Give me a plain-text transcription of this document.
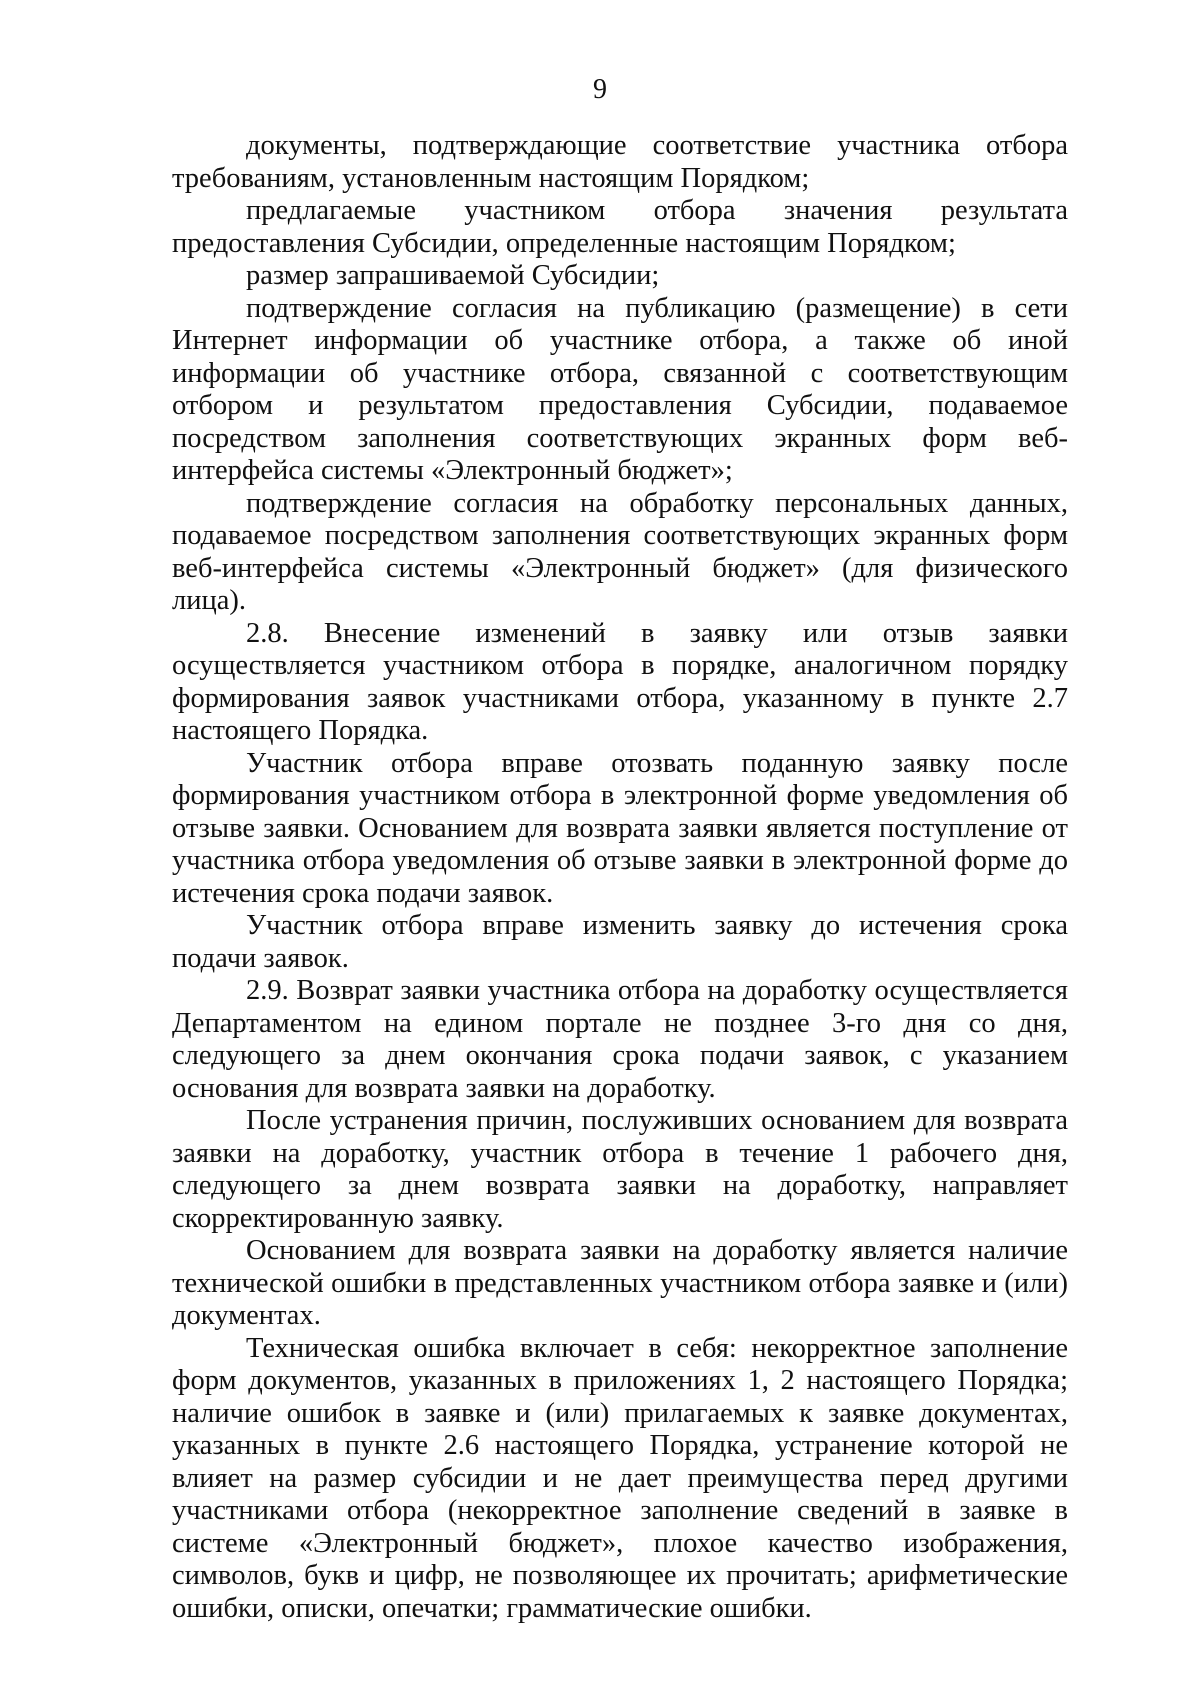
9

документы, подтверждающие соответствие участника отбора требованиям, установленным настоящим Порядком;

предлагаемые участником отбора значения результата предоставления Субсидии, определенные настоящим Порядком;

размер запрашиваемой Субсидии;

подтверждение согласия на публикацию (размещение) в сети Интернет информации об участнике отбора, а также об иной информации об участнике отбора, связанной с соответствующим отбором и результатом предоставления Субсидии, подаваемое посредством заполнения соответствующих экранных форм веб-интерфейса системы «Электронный бюджет»;

подтверждение согласия на обработку персональных данных, подаваемое посредством заполнения соответствующих экранных форм веб-интерфейса системы «Электронный бюджет» (для физического лица).

2.8. Внесение изменений в заявку или отзыв заявки осуществляется участником отбора в порядке, аналогичном порядку формирования заявок участниками отбора, указанному в пункте 2.7 настоящего Порядка.

Участник отбора вправе отозвать поданную заявку после формирования участником отбора в электронной форме уведомления об отзыве заявки. Основанием для возврата заявки является поступление от участника отбора уведомления об отзыве заявки в электронной форме до истечения срока подачи заявок.

Участник отбора вправе изменить заявку до истечения срока подачи заявок.

2.9. Возврат заявки участника отбора на доработку осуществляется Департаментом на едином портале не позднее 3-го дня со дня, следующего за днем окончания срока подачи заявок, с указанием основания для возврата заявки на доработку.

После устранения причин, послуживших основанием для возврата заявки на доработку, участник отбора в течение 1 рабочего дня, следующего за днем возврата заявки на доработку, направляет скорректированную заявку.

Основанием для возврата заявки на доработку является наличие технической ошибки в представленных участником отбора заявке и (или) документах.

Техническая ошибка включает в себя: некорректное заполнение форм документов, указанных в приложениях 1, 2 настоящего Порядка; наличие ошибок в заявке и (или) прилагаемых к заявке документах, указанных в пункте 2.6 настоящего Порядка, устранение которой не влияет на размер субсидии и не дает преимущества перед другими участниками отбора (некорректное заполнение сведений в заявке в системе «Электронный бюджет», плохое качество изображения, символов, букв и цифр, не позволяющее их прочитать; арифметические ошибки, описки, опечатки; грамматические ошибки.
